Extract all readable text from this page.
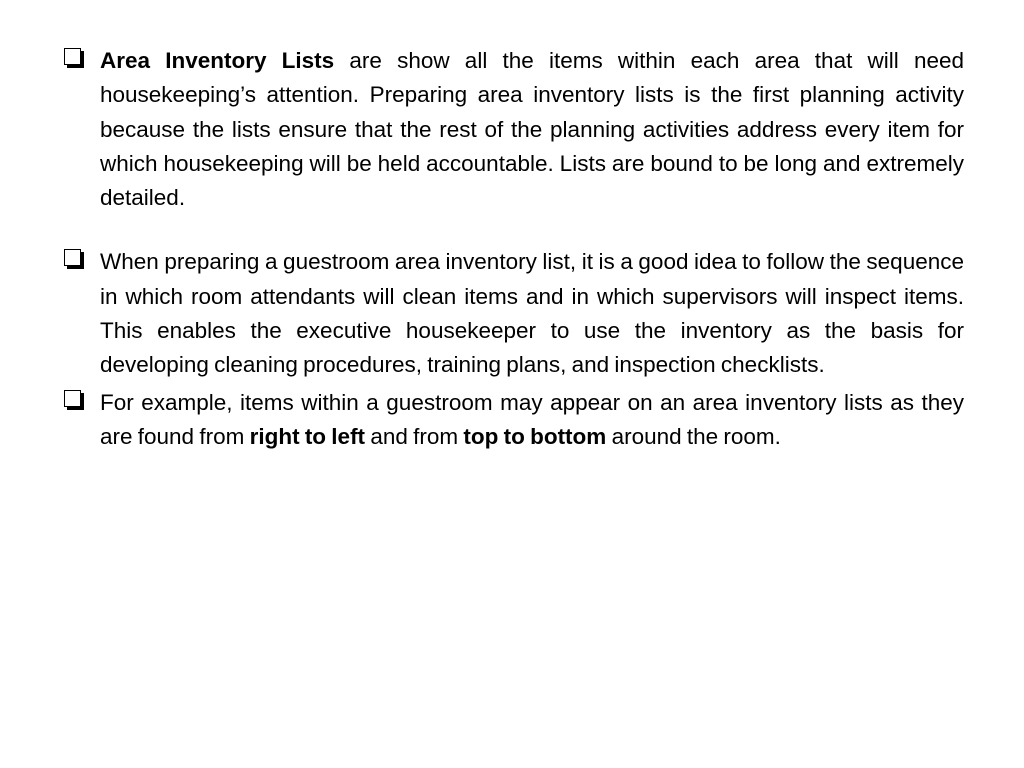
Area Inventory Lists are show all the items within each area that will need housekeeping’s attention. Preparing area inventory lists is the first planning activity because the lists ensure that the rest of the planning activities address every item for which housekeeping will be held accountable. Lists are bound to be long and extremely detailed.
When preparing a guestroom area inventory list, it is a good idea to follow the sequence in which room attendants will clean items and in which supervisors will inspect items. This enables the executive housekeeper to use the inventory as the basis for developing cleaning procedures, training plans, and inspection checklists.
For example, items within a guestroom may appear on an area inventory lists as they are found from right to left and from top to bottom around the room.
